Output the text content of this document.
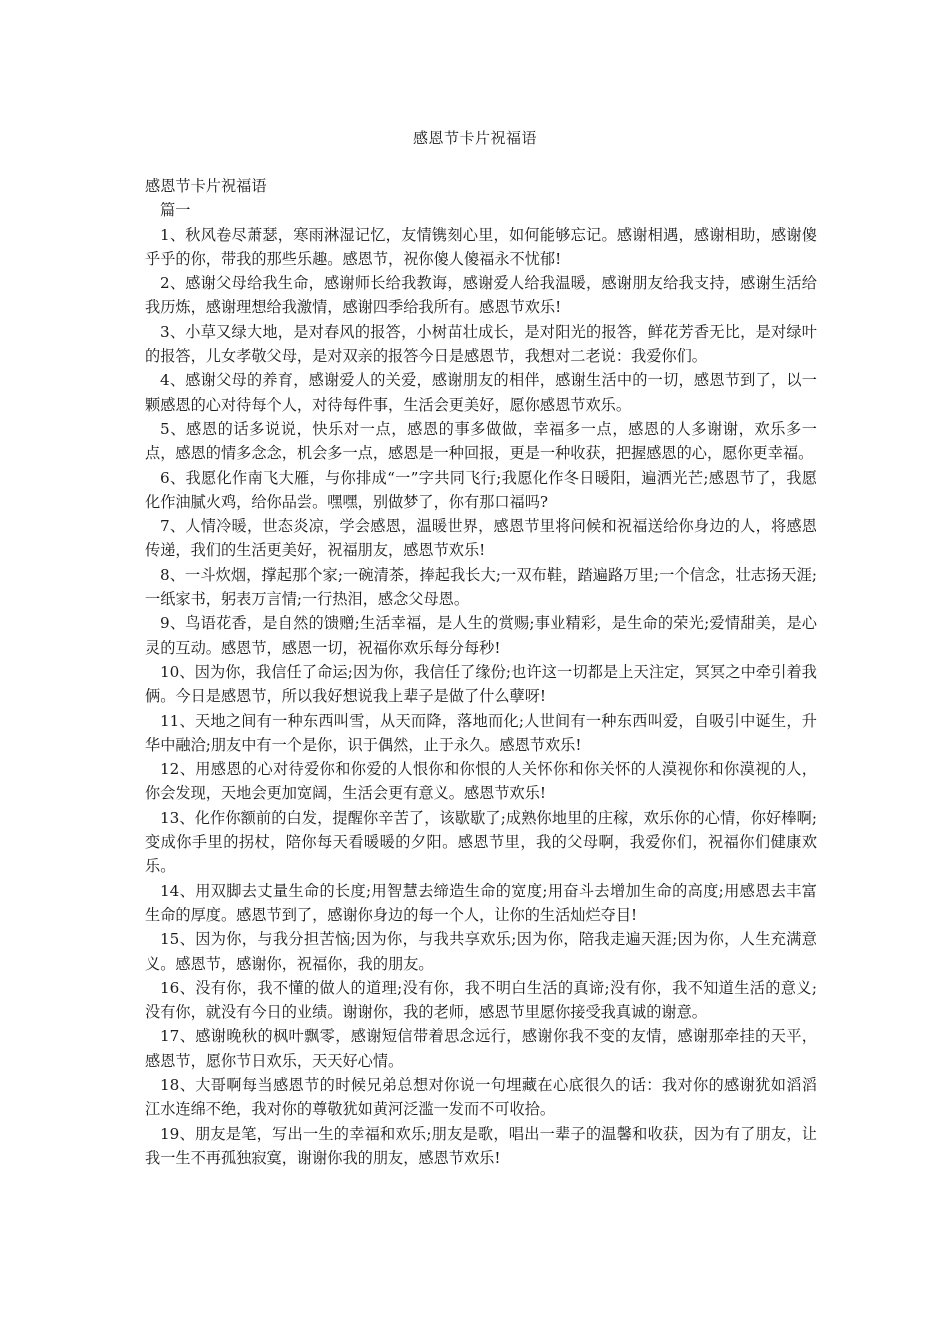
感恩节卡片祝福语

感恩节卡片祝福语

篇一

1、秋风卷尽萧瑟，寒雨淋湿记忆，友情镌刻心里，如何能够忘记。感谢相遇，感谢相助，感谢傻乎乎的你，带我的那些乐趣。感恩节，祝你傻人傻福永不忧郁!

2、感谢父母给我生命，感谢师长给我教诲，感谢爱人给我温暖，感谢朋友给我支持，感谢生活给我历炼，感谢理想给我激情，感谢四季给我所有。感恩节欢乐!

3、小草又绿大地，是对春风的报答，小树苗壮成长，是对阳光的报答，鲜花芳香无比，是对绿叶的报答，儿女孝敬父母，是对双亲的报答今日是感恩节，我想对二老说：我爱你们。

4、感谢父母的养育，感谢爱人的关爱，感谢朋友的相伴，感谢生活中的一切，感恩节到了，以一颗感恩的心对待每个人，对待每件事，生活会更美好，愿你感恩节欢乐。

5、感恩的话多说说，快乐对一点，感恩的事多做做，幸福多一点，感恩的人多谢谢，欢乐多一点，感恩的情多念念，机会多一点，感恩是一种回报，更是一种收获，把握感恩的心，愿你更幸福。

6、我愿化作南飞大雁，与你排成“一”字共同飞行;我愿化作冬日暖阳，遍洒光芒;感恩节了，我愿化作油腻火鸡，给你品尝。嘿嘿，别做梦了，你有那口福吗?

7、人情冷暖，世态炎凉，学会感恩，温暖世界，感恩节里将问候和祝福送给你身边的人，将感恩传递，我们的生活更美好，祝福朋友，感恩节欢乐!

8、一斗炊烟，撑起那个家;一碗清茶，捧起我长大;一双布鞋，踏遍路万里;一个信念，壮志扬天涯;一纸家书，躬表万言情;一行热泪，感念父母恩。

9、鸟语花香，是自然的馈赠;生活幸福，是人生的赏赐;事业精彩，是生命的荣光;爱情甜美，是心灵的互动。感恩节，感恩一切，祝福你欢乐每分每秒!

10、因为你，我信任了命运;因为你，我信任了缘份;也许这一切都是上天注定，冥冥之中牵引着我俩。今日是感恩节，所以我好想说我上辈子是做了什么孽呀!

11、天地之间有一种东西叫雪，从天而降，落地而化;人世间有一种东西叫爱，自吸引中诞生，升华中融洽;朋友中有一个是你，识于偶然，止于永久。感恩节欢乐!

12、用感恩的心对待爱你和你爱的人恨你和你恨的人关怀你和你关怀的人漠视你和你漠视的人，你会发现，天地会更加宽阔，生活会更有意义。感恩节欢乐!

13、化作你额前的白发，提醒你辛苦了，该歇歇了;成熟你地里的庄稼，欢乐你的心情，你好棒啊;变成你手里的拐杖，陪你每天看暖暖的夕阳。感恩节里，我的父母啊，我爱你们，祝福你们健康欢乐。

14、用双脚去丈量生命的长度;用智慧去缔造生命的宽度;用奋斗去增加生命的高度;用感恩去丰富生命的厚度。感恩节到了，感谢你身边的每一个人，让你的生活灿烂夺目!

15、因为你，与我分担苦恼;因为你，与我共享欢乐;因为你，陪我走遍天涯;因为你，人生充满意义。感恩节，感谢你，祝福你，我的朋友。

16、没有你，我不懂的做人的道理;没有你，我不明白生活的真谛;没有你，我不知道生活的意义;没有你，就没有今日的业绩。谢谢你，我的老师，感恩节里愿你接受我真诚的谢意。

17、感谢晚秋的枫叶飘零，感谢短信带着思念远行，感谢你我不变的友情，感谢那牵挂的天平，感恩节，愿你节日欢乐，天天好心情。

18、大哥啊每当感恩节的时候兄弟总想对你说一句埋藏在心底很久的话：我对你的感谢犹如滔滔江水连绵不绝，我对你的尊敬犹如黄河泛滥一发而不可收拾。

19、朋友是笔，写出一生的幸福和欢乐;朋友是歌，唱出一辈子的温馨和收获，因为有了朋友，让我一生不再孤独寂寞，谢谢你我的朋友，感恩节欢乐!
